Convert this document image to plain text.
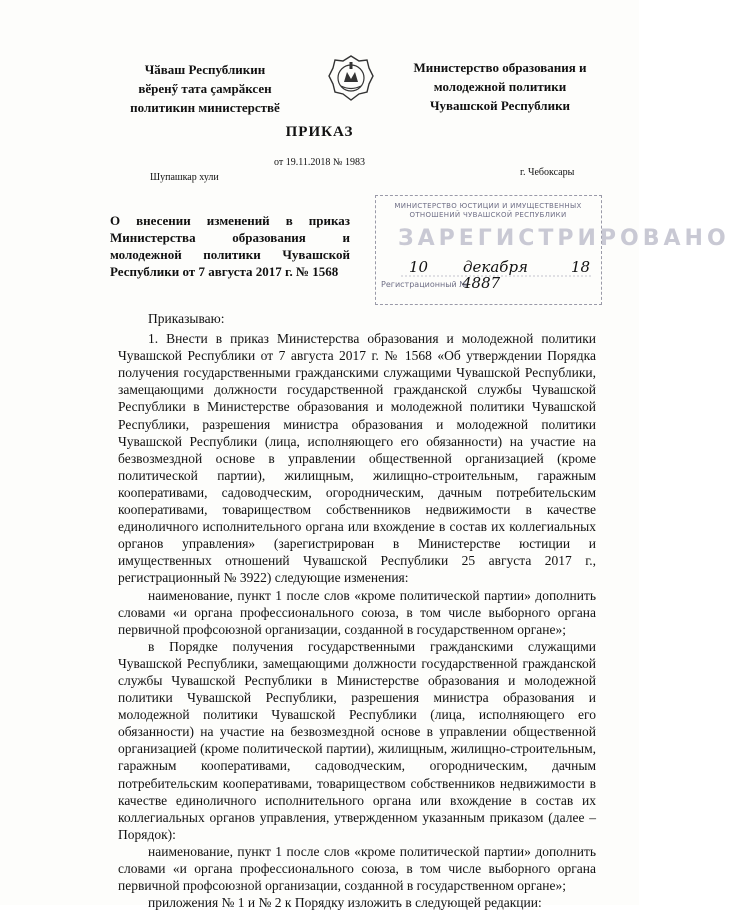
Чӑваш Республикин
вӗренӳ тата ҫамрӑксен
политикин министерствӗ
Министерство образования и
молодежной политики
Чувашской Республики
ПРИКАЗ
от 19.11.2018 № 1983
Шупашкар хули	г. Чебоксары
О внесении изменений в приказ Министерства образования и молодежной политики Чувашской Республики от 7 августа 2017 г. № 1568
МИНИСТЕРСТВО ЮСТИЦИИ И ИМУЩЕСТВЕННЫХ ОТНОШЕНИЙ ЧУВАШСКОЙ РЕСПУБЛИКИ
ЗАРЕГИСТРИРОВАНО
10 декабря	18
4887
Регистрационный №

Приказываю:

1. Внести в приказ Министерства образования и молодежной политики Чувашской Республики от 7 августа 2017 г. № 1568 «Об утверждении Порядка получения государственными гражданскими служащими Чувашской Республики, замещающими должности государственной гражданской службы Чувашской Республики в Министерстве образования и молодежной политики Чувашской Республики, разрешения министра образования и молодежной политики Чувашской Республики (лица, исполняющего его обязанности) на участие на безвозмездной основе в управлении общественной организацией (кроме политической партии), жилищным, жилищно-строительным, гаражным кооперативами, садоводческим, огородническим, дачным потребительским кооперативами, товариществом собственников недвижимости в качестве единоличного исполнительного органа или вхождение в состав их коллегиальных органов управления» (зарегистрирован в Министерстве юстиции и имущественных отношений Чувашской Республики 25 августа 2017 г., регистрационный № 3922) следующие изменения:

наименование, пункт 1 после слов «кроме политической партии» дополнить словами «и органа профессионального союза, в том числе выборного органа первичной профсоюзной организации, созданной в государственном органе»;

в Порядке получения государственными гражданскими служащими Чувашской Республики, замещающими должности государственной гражданской службы Чувашской Республики в Министерстве образования и молодежной политики Чувашской Республики, разрешения министра образования и молодежной политики Чувашской Республики (лица, исполняющего его обязанности) на участие на безвозмездной основе в управлении общественной организацией (кроме политической партии), жилищным, жилищно-строительным, гаражным кооперативами, садоводческим, огородническим, дачным потребительским кооперативами, товариществом собственников недвижимости в качестве единоличного исполнительного органа или вхождение в состав их коллегиальных органов управления, утвержденном указанным приказом (далее – Порядок):

наименование, пункт 1 после слов «кроме политической партии» дополнить словами «и органа профессионального союза, в том числе выборного органа первичной профсоюзной организации, созданной в государственном органе»;

приложения № 1 и № 2 к Порядку изложить в следующей редакции:
